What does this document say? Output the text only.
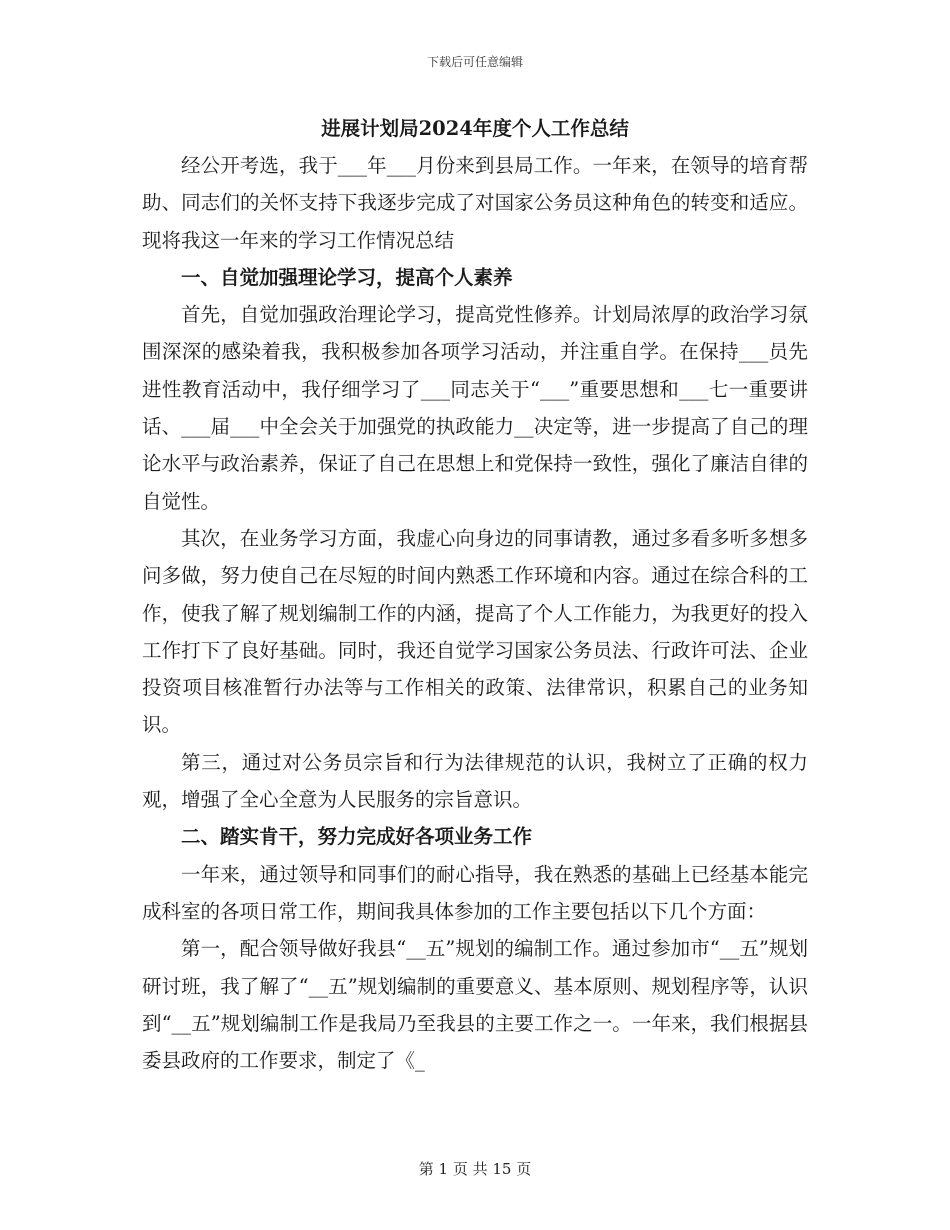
下载后可任意编辑
进展计划局2024年度个人工作总结

经公开考选，我于___年___月份来到县局工作。一年来，在领导的培育帮助、同志们的关怀支持下我逐步完成了对国家公务员这种角色的转变和适应。现将我这一年来的学习工作情况总结

一、自觉加强理论学习，提高个人素养

首先，自觉加强政治理论学习，提高党性修养。计划局浓厚的政治学习氛围深深的感染着我，我积极参加各项学习活动，并注重自学。在保持___员先进性教育活动中，我仔细学习了___同志关于“___”重要思想和___七一重要讲话、___届___中全会关于加强党的执政能力__决定等，进一步提高了自己的理论水平与政治素养，保证了自己在思想上和党保持一致性，强化了廉洁自律的自觉性。

其次，在业务学习方面，我虚心向身边的同事请教，通过多看多听多想多问多做，努力使自己在尽短的时间内熟悉工作环境和内容。通过在综合科的工作，使我了解了规划编制工作的内涵，提高了个人工作能力，为我更好的投入工作打下了良好基础。同时，我还自觉学习国家公务员法、行政许可法、企业投资项目核准暂行办法等与工作相关的政策、法律常识，积累自己的业务知识。

第三，通过对公务员宗旨和行为法律规范的认识，我树立了正确的权力观，增强了全心全意为人民服务的宗旨意识。

二、踏实肯干，努力完成好各项业务工作

一年来，通过领导和同事们的耐心指导，我在熟悉的基础上已经基本能完成科室的各项日常工作，期间我具体参加的工作主要包括以下几个方面：

第一，配合领导做好我县“__五”规划的编制工作。通过参加市“__五”规划研讨班，我了解了“__五”规划编制的重要意义、基本原则、规划程序等，认识到“__五”规划编制工作是我局乃至我县的主要工作之一。一年来，我们根据县委县政府的工作要求，制定了《_

第 1 页 共 15 页
